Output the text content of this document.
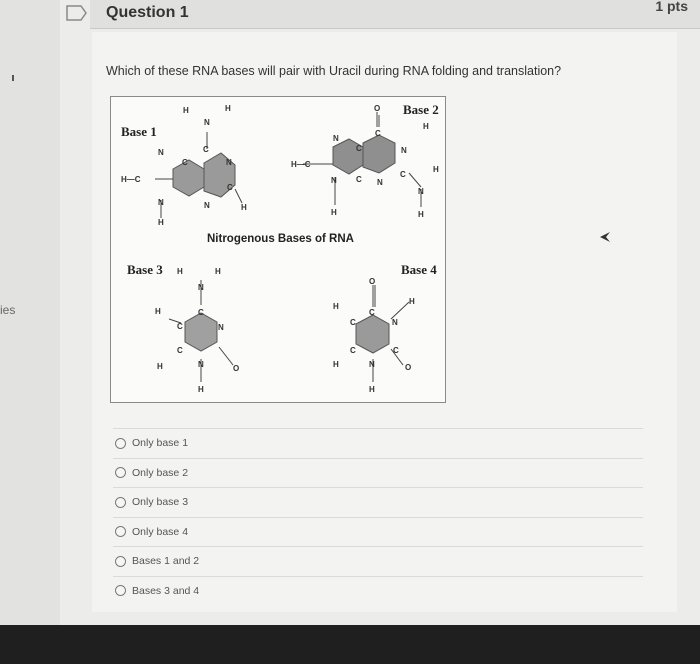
ies
Question 1	1 pts
Which of these RNA bases will pair with Uracil during RNA folding and translation?
H	H
N
C
N
C	N
H—C
C
N	N	H
H
O
H
C
N
C	N
H—C
H
C N
C
N
N
H	H
H	H
N
C
H
C	N
C
N
H	O
H
O
H
H
C
C	N
C	C
H	N	O
H
Base 1
Base 2
Base 3	Base 4
Nitrogenous Bases of RNA
Only base 1
Only base 2
Only base 3
Only base 4
Bases 1 and 2
Bases 3 and 4
